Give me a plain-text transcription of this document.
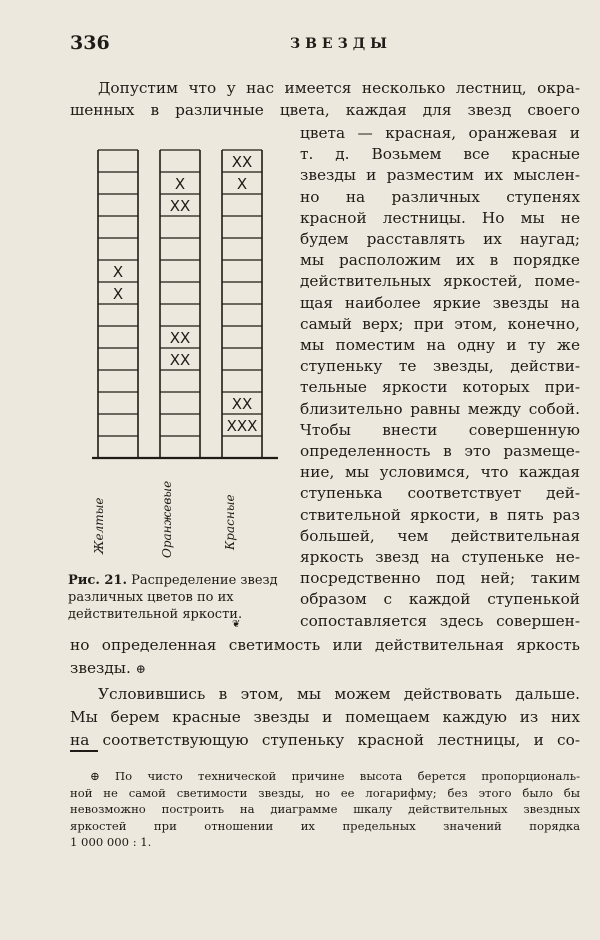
336	ЗВЕЗДЫ
Допустим что у нас имеется несколько лестниц, окра-
шенных в различные цвета, каждая для звезд своего
цвета — красная, оранжевая и
т. д. Возьмем все красные
звезды и разместим их мыслен-
но на различных ступенях
красной лестницы. Но мы не
будем расставлять их наугад;
мы расположим их в порядке
действительных яркостей, поме-
щая наиболее яркие звезды на
самый верх; при этом, конечно,
мы поместим на одну и ту же
ступеньку те звезды, действи-
тельные яркости которых при-
близительно равны между собой.
Чтобы внести совершенную
определенность в это размеще-
ние, мы условимся, что каждая
ступенька соответствует дей-
ствительной яркости, в пять раз
большей, чем действительная
яркость звезд на ступеньке не-
посредственно под ней; таким
образом с каждой ступенькой
сопоставляется здесь совершен-
Х
Х
Х
ХХ
ХХ
ХХ
ХХ
Х
ХХ
ХХХ
Желтые	Оранжевые	Красные
Рис. 21. Распределение звезд различных цветов по их действительной яркости.
❦
но определенная светимость или действительная яркость
звезды. ⊕
Условившись в этом, мы можем действовать дальше.
Мы берем красные звезды и помещаем каждую из них
на соответствующую ступеньку красной лестницы, и со-
⊕ По чисто технической причине высота берется пропорциональ-
ной не самой светимости звезды, но ее логарифму; без этого было бы
невозможно построить на диаграмме шкалу действительных звездных
яркостей при отношении их предельных значений порядка
1 000 000 : 1.
